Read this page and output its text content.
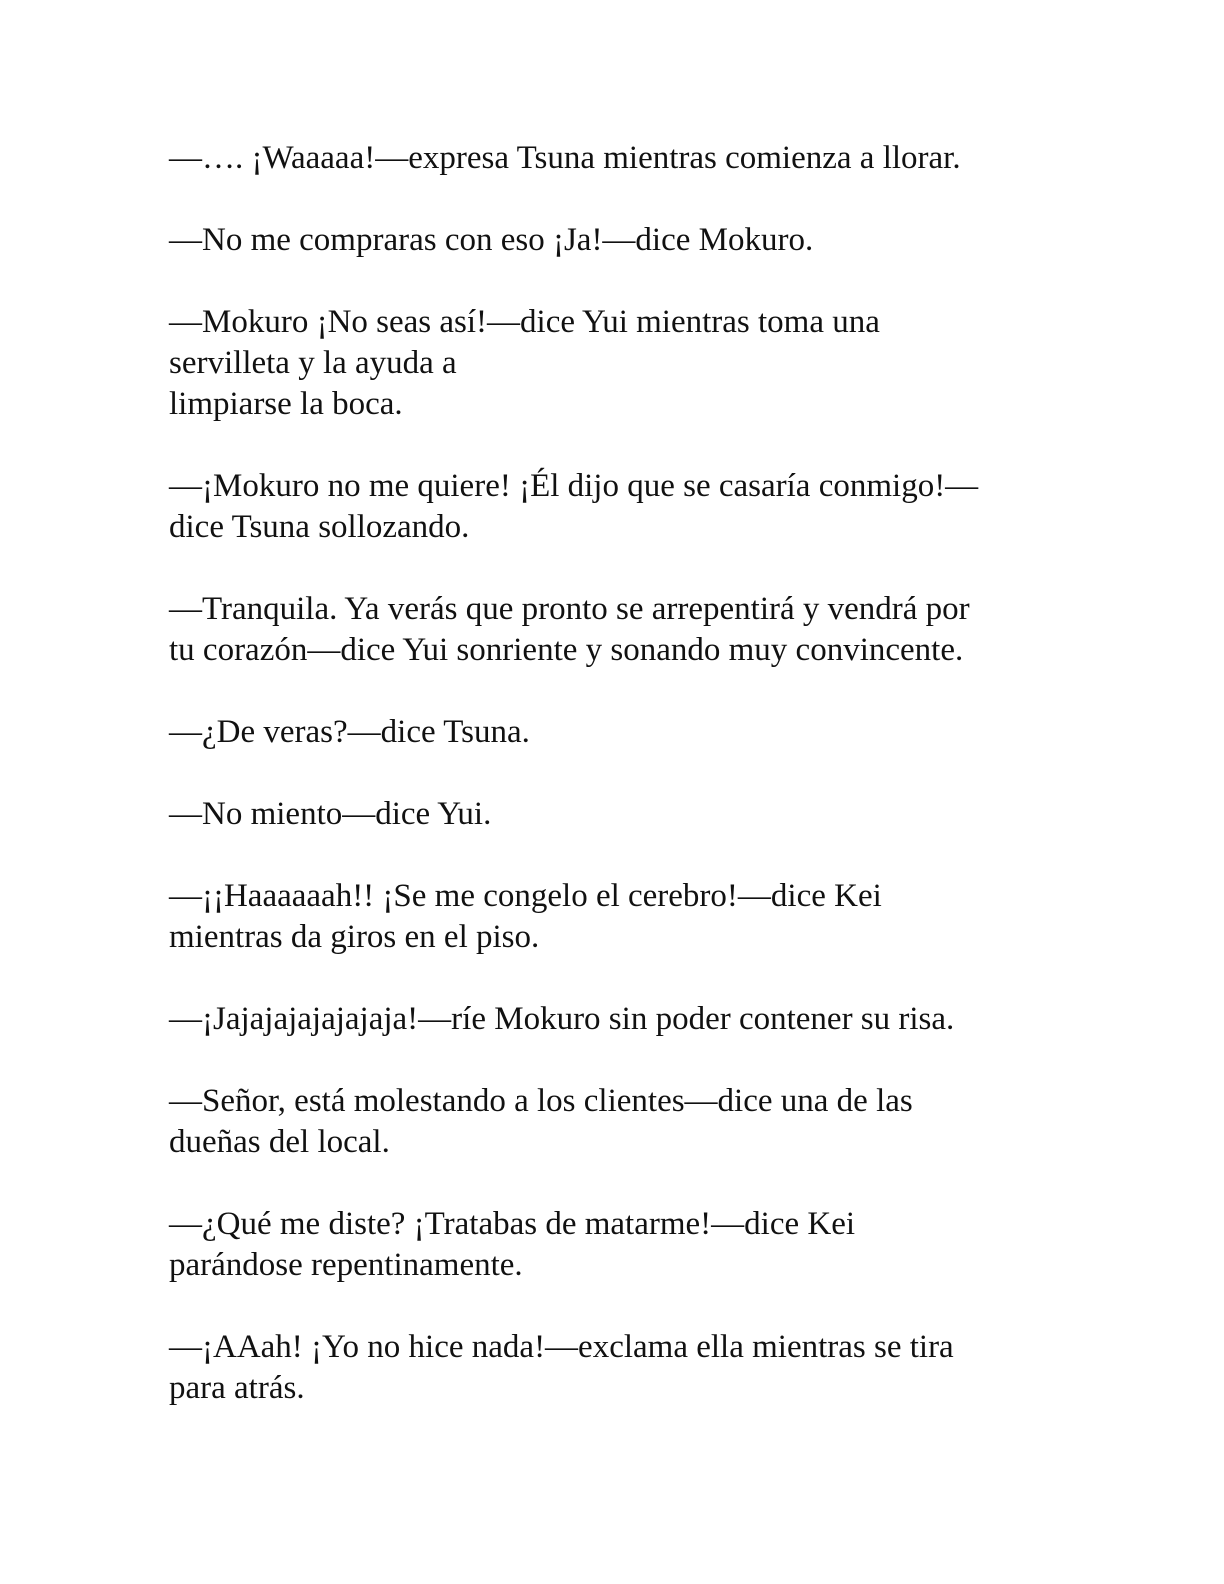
—…. ¡Waaaaa!—expresa Tsuna mientras comienza a llorar.

—No me compraras con eso ¡Ja!—dice Mokuro.

—Mokuro ¡No seas así!—dice Yui mientras toma una
servilleta y la ayuda a
limpiarse la boca.

—¡Mokuro no me quiere! ¡Él dijo que se casaría conmigo!—
dice Tsuna sollozando.

—Tranquila. Ya verás que pronto se arrepentirá y vendrá por
tu corazón—dice Yui sonriente y sonando muy convincente.

—¿De veras?—dice Tsuna.

—No miento—dice Yui.

—¡¡Haaaaaah!! ¡Se me congelo el cerebro!—dice Kei
mientras da giros en el piso.

—¡Jajajajajajajaja!—ríe Mokuro sin poder contener su risa.

—Señor, está molestando a los clientes—dice una de las
dueñas del local.

—¿Qué me diste? ¡Tratabas de matarme!—dice Kei
parándose repentinamente.

—¡AAah! ¡Yo no hice nada!—exclama ella mientras se tira
para atrás.
